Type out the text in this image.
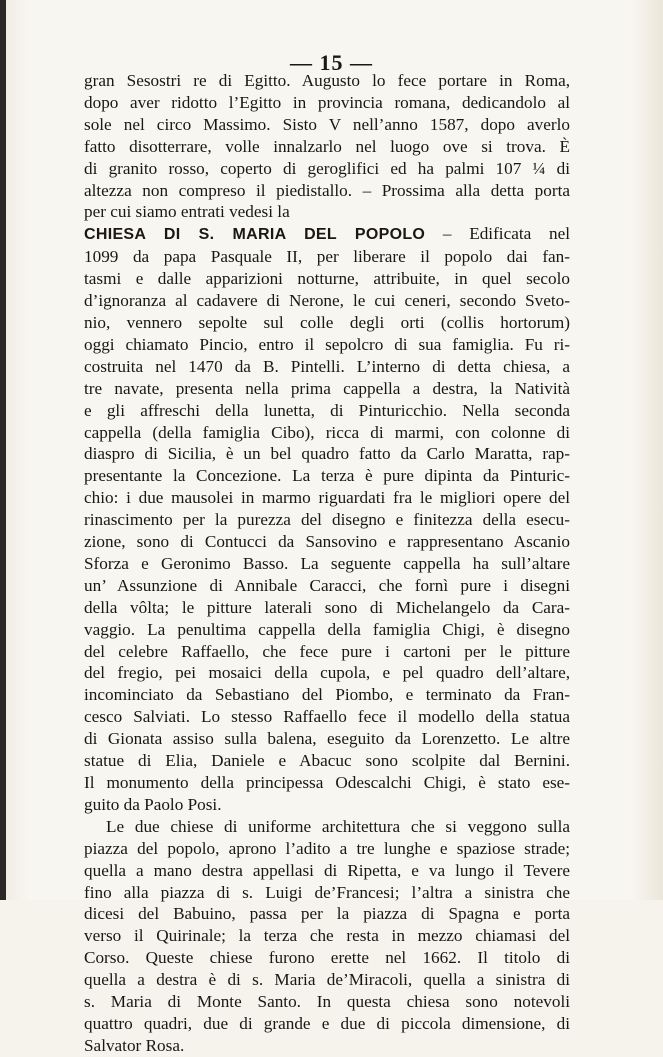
— 15 —
gran Sesostri re di Egitto. Augusto lo fece portare in Roma,
dopo aver ridotto l’Egitto in provincia romana, dedicandolo al
sole nel circo Massimo. Sisto V nell’anno 1587, dopo averlo
fatto disotterrare, volle innalzarlo nel luogo ove si trova. È
di granito rosso, coperto di geroglifici ed ha palmi 107 ¼ di
altezza non compreso il piedistallo. – Prossima alla detta porta
per cui siamo entrati vedesi la
CHIESA DI S. MARIA DEL POPOLO – Edificata nel
1099 da papa Pasquale II, per liberare il popolo dai fan-
tasmi e dalle apparizioni notturne, attribuite, in quel secolo
d’ignoranza al cadavere di Nerone, le cui ceneri, secondo Sveto-
nio, vennero sepolte sul colle degli orti (collis hortorum)
oggi chiamato Pincio, entro il sepolcro di sua famiglia. Fu ri-
costruita nel 1470 da B. Pintelli. L’interno di detta chiesa, a
tre navate, presenta nella prima cappella a destra, la Natività
e gli affreschi della lunetta, di Pinturicchio. Nella seconda
cappella (della famiglia Cibo), ricca di marmi, con colonne di
diaspro di Sicilia, è un bel quadro fatto da Carlo Maratta, rap-
presentante la Concezione. La terza è pure dipinta da Pinturic-
chio: i due mausolei in marmo riguardati fra le migliori opere del
rinascimento per la purezza del disegno e finitezza della esecu-
zione, sono di Contucci da Sansovino e rappresentano Ascanio
Sforza e Geronimo Basso. La seguente cappella ha sull’altare
un’ Assunzione di Annibale Caracci, che fornì pure i disegni
della vôlta; le pitture laterali sono di Michelangelo da Cara-
vaggio. La penultima cappella della famiglia Chigi, è disegno
del celebre Raffaello, che fece pure i cartoni per le pitture
del fregio, pei mosaici della cupola, e pel quadro dell’altare,
incominciato da Sebastiano del Piombo, e terminato da Fran-
cesco Salviati. Lo stesso Raffaello fece il modello della statua
di Gionata assiso sulla balena, eseguito da Lorenzetto. Le altre
statue di Elia, Daniele e Abacuc sono scolpite dal Bernini.
Il monumento della principessa Odescalchi Chigi, è stato ese-
guito da Paolo Posi.
Le due chiese di uniforme architettura che si veggono sulla
piazza del popolo, aprono l’adito a tre lunghe e spaziose strade;
quella a mano destra appellasi di Ripetta, e va lungo il Tevere
fino alla piazza di s. Luigi de’Francesi; l’altra a sinistra che
dicesi del Babuino, passa per la piazza di Spagna e porta
verso il Quirinale; la terza che resta in mezzo chiamasi del
Corso. Queste chiese furono erette nel 1662. Il titolo di
quella a destra è di s. Maria de’Miracoli, quella a sinistra di
s. Maria di Monte Santo. In questa chiesa sono notevoli
quattro quadri, due di grande e due di piccola dimensione, di
Salvator Rosa.
